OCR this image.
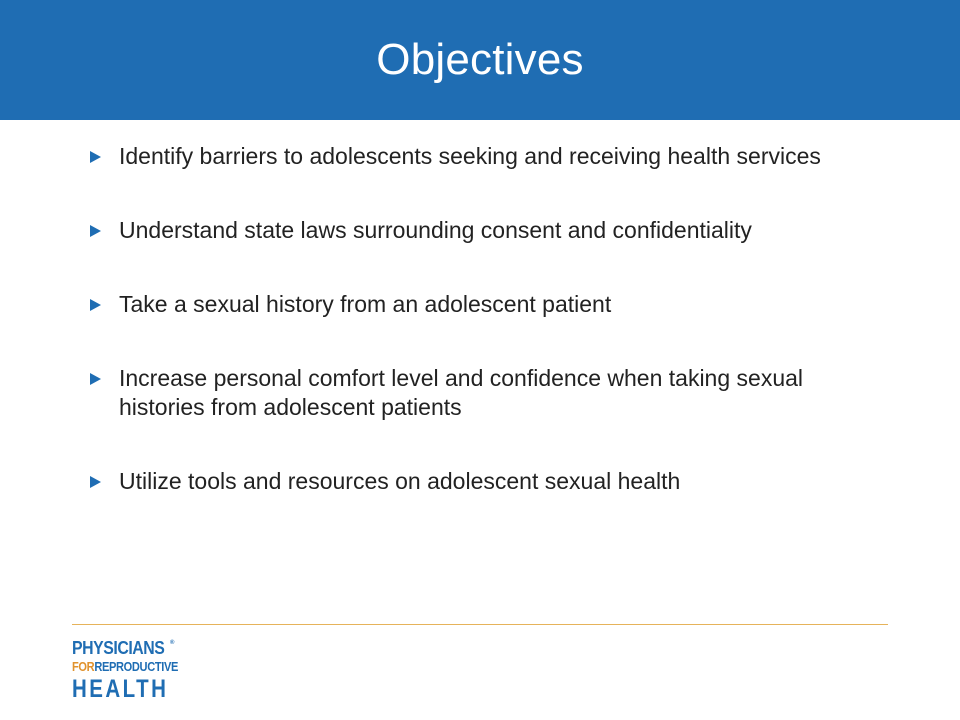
Objectives
Identify barriers to adolescents seeking and receiving health services
Understand state laws surrounding consent and confidentiality
Take a sexual history from an adolescent patient
Increase personal comfort level and confidence when taking sexual histories from adolescent patients
Utilize tools and resources on adolescent sexual health
PHYSICIANS ®
FORREPRODUCTIVE
HEALTH
